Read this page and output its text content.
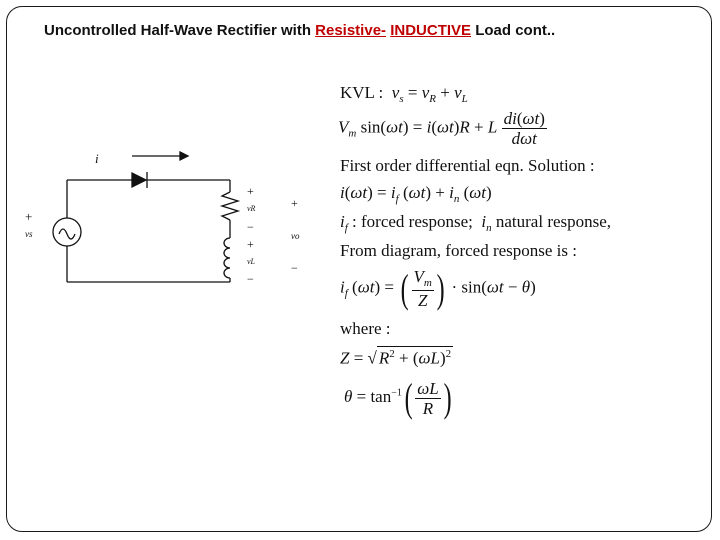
Uncontrolled Half-Wave Rectifier with Resistive- INDUCTIVE Load cont..
i
+
vs
+
vR
−
+
vL
−
+
vo
−
KVL : $v_s = v_R + v_L$
$V_m$ sin(ωt) = i(ωt)R + L $\frac{di(\omega t)}{\text{dωt}}$
First order differential eqn. Solution :
$i(\omega t) = i_f$ $(\omega t) + i_n$ (ωt)
$i_f$ : forced response; $i_n$ natural response,
From diagram, forced response is :
$i_f$ (ωt) = ( $\frac{V_m}{Z}$ ) · sin(ωt − θ)
where :
Z = √ $R^2 + (\omega L)^2$
$\theta = \tan^{-1}( \frac{\omega L}{R}$ )
